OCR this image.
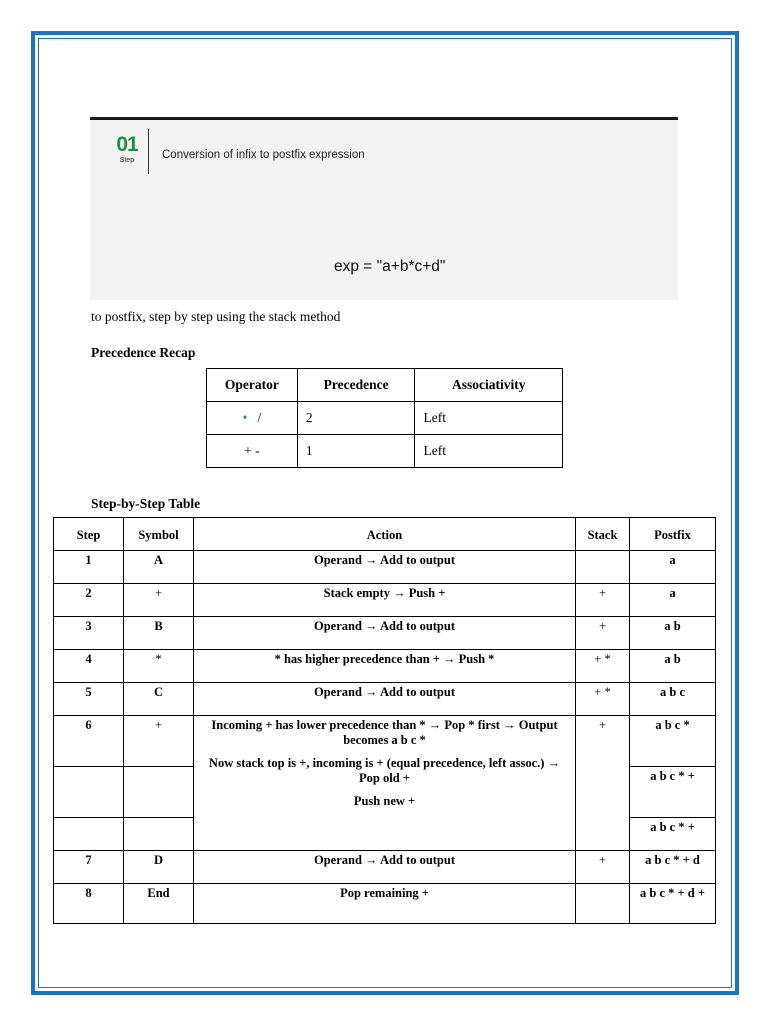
01
Step	Conversion of infix to postfix expression
exp = "a+b*c+d"
to postfix, step by step using the stack method
Precedence Recap
Operator	Precedence	Associativity
• /	2	Left
+ -	1	Left
Step-by-Step Table
Step	Symbol	Action	Stack	Postfix
1	A	Operand → Add to output		a
2	+	Stack empty → Push +	+	a
3	B	Operand → Add to output	+	a b
4	*	* has higher precedence than + → Push *	+ *	a b
5	C	Operand → Add to output	+ *	a b c
6	+	Incoming + has lower precedence than * → Pop * first → Output becomes a b c *
Now stack top is +, incoming is + (equal precedence, left assoc.) → Pop old +
Push new +	+	a b c *
				a b c * +
				a b c * +
7	D	Operand → Add to output	+	a b c * + d
8	End	Pop remaining +		a b c * + d +
